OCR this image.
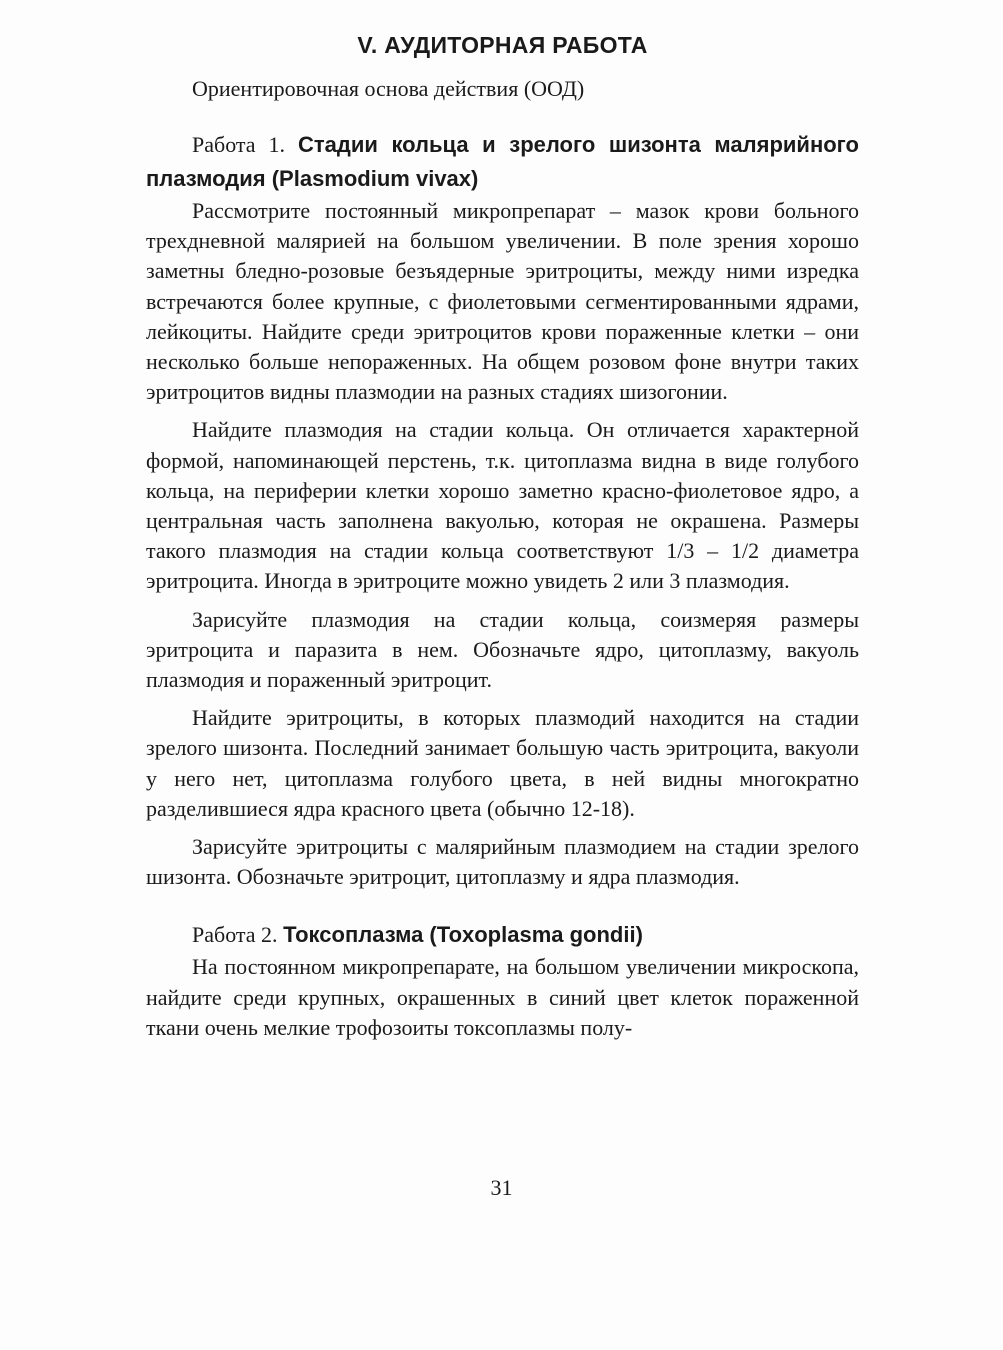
V. АУДИТОРНАЯ РАБОТА
Ориентировочная основа действия (ООД)
Работа 1. Стадии кольца и зрелого шизонта малярийного плазмодия (Plasmodium vivax)

Рассмотрите постоянный микропрепарат – мазок крови больного трехдневной малярией на большом увеличении. В поле зрения хорошо заметны бледно-розовые безъядерные эритроциты, между ними изредка встречаются более крупные, с фиолетовыми сегментированными ядрами, лейкоциты. Найдите среди эритроцитов крови пораженные клетки – они несколько больше непораженных. На общем розовом фоне внутри таких эритроцитов видны плазмодии на разных стадиях шизогонии.

Найдите плазмодия на стадии кольца. Он отличается характерной формой, напоминающей перстень, т.к. цитоплазма видна в виде голубого кольца, на периферии клетки хорошо заметно красно-фиолетовое ядро, а центральная часть заполнена вакуолью, которая не окрашена. Размеры такого плазмодия на стадии кольца соответствуют 1/3 – 1/2 диаметра эритроцита. Иногда в эритроците можно увидеть 2 или 3 плазмодия.

Зарисуйте плазмодия на стадии кольца, соизмеряя размеры эритроцита и паразита в нем. Обозначьте ядро, цитоплазму, вакуоль плазмодия и пораженный эритроцит.

Найдите эритроциты, в которых плазмодий находится на стадии зрелого шизонта. Последний занимает большую часть эритроцита, вакуоли у него нет, цитоплазма голубого цвета, в ней видны многократно разделившиеся ядра красного цвета (обычно 12-18).

Зарисуйте эритроциты с малярийным плазмодием на стадии зрелого шизонта. Обозначьте эритроцит, цитоплазму и ядра плазмодия.

Работа 2. Токсоплазма (Toxoplasma gondii)

На постоянном микропрепарате, на большом увеличении микроскопа, найдите среди крупных, окрашенных в синий цвет клеток пораженной ткани очень мелкие трофозоиты токсоплазмы полу-

31
